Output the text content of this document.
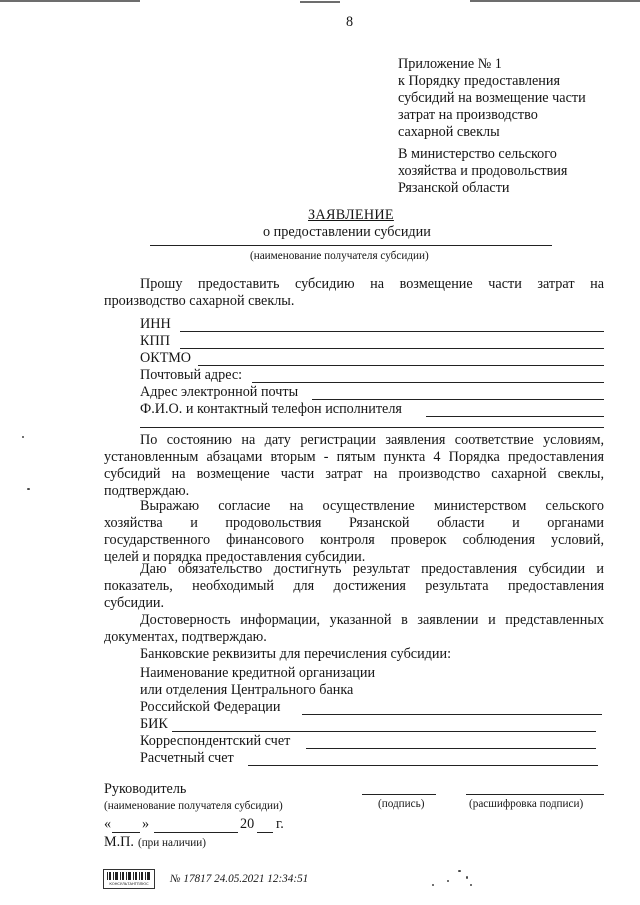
8
Приложение № 1
к Порядку предоставления
субсидий на возмещение части
затрат на производство
сахарной свеклы
В министерство сельского
хозяйства и продовольствия
Рязанской области
ЗАЯВЛЕНИЕ
о предоставлении субсидии
(наименование получателя субсидии)
Прошу предоставить субсидию на возмещение части затрат на
производство сахарной свеклы.
ИНН
КПП
ОКТМО
Почтовый адрес:
Адрес электронной почты
Ф.И.О. и контактный телефон исполнителя
По состоянию на дату регистрации заявления соответствие условиям,
установленным абзацами вторым - пятым пункта 4 Порядка предоставления
субсидий на возмещение части затрат на производство сахарной свеклы,
подтверждаю.
Выражаю согласие на осуществление министерством сельского
хозяйства и продовольствия Рязанской области и органами
государственного финансового контроля проверок соблюдения условий,
целей и порядка предоставления субсидии.
Даю обязательство достигнуть результат предоставления субсидии и
показатель, необходимый для достижения результата предоставления
субсидии.
Достоверность информации, указанной в заявлении и представленных
документах, подтверждаю.
Банковские реквизиты для перечисления субсидии:
Наименование кредитной организации
или отделения Центрального банка
Российской Федерации
БИК
Корреспондентский счет
Расчетный счет
Руководитель
(наименование получателя субсидии)	(подпись)	(расшифровка подписи)
« »	20 г.
М.П. (при наличии)
КОНСУЛЬТАНТПЛЮС	№ 17817 24.05.2021 12:34:51
